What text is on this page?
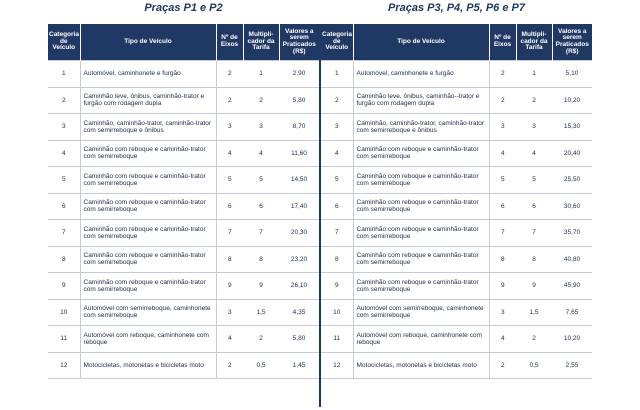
Praças P1 e P2	Praças P3, P4, P5, P6 e P7
Categoria de Veículo	Tipo de Veículo	Nº de Eixos	Multipli-cador da Tarifa	Valores a serem Praticados (R$)
1	Automóvel, caminhonete e furgão	2	1	2,90
2	Caminhão leve, ônibus, caminhão-trator e furgão com rodagem dupla	2	2	5,80
3	Caminhão, caminhão-trator, caminhão-trator com semirreboque e ônibus	3	3	8,70
4	Caminhão com reboque e caminhão-trator com semirreboque	4	4	11,60
5	Caminhão com reboque e caminhão-trator com semirreboque	5	5	14,50
6	Caminhão com reboque e caminhão-trator com semirreboque	6	6	17,40
7	Caminhão com reboque e caminhão-trator com semirreboque	7	7	20,30
8	Caminhão com reboque e caminhão-trator com semirreboque	8	8	23,20
9	Caminhão com reboque e caminhão-trator com semirreboque	9	9	26,10
10	Automóvel com semirreboque, caminhonete com semirreboque	3	1,5	4,35
11	Automóvel com reboque, caminhonete com reboque	4	2	5,80
12	Motocicletas, motonetas e bicicletas moto	2	0,5	1,45
Categoria de Veículo	Tipo de Veículo	Nº de Eixos	Multipli-cador da Tarifa	Valores a serem Praticados (R$)
1	Automóvel, caminhonete e furgão	2	1	5,10
2	Caminhão leve, ônibus, caminhão--trator e furgão com rodagem dupla	2	2	10,20
3	Caminhão, caminhão-trator, caminhão-trator com semirreboque e ônibus	3	3	15,30
4	Caminhão com reboque e caminhão-trator com semirreboque	4	4	20,40
5	Caminhão com reboque e caminhão-trator com semirreboque	5	5	25,50
6	Caminhão com reboque e caminhão-trator com semirreboque	6	6	30,60
7	Caminhão com reboque e caminhão-trator com semirreboque	7	7	35,70
8	Caminhão com reboque e caminhão-trator com semirreboque	8	8	40,80
9	Caminhão com reboque e caminhão-trator com semirreboque	9	9	45,90
10	Automóvel com semirreboque, caminhonete com semirreboque	3	1,5	7,65
11	Automóvel com reboque, caminhonete com reboque	4	2	10,20
12	Motocicletas, motonetas e bicicletas moto	2	0,5	2,55
